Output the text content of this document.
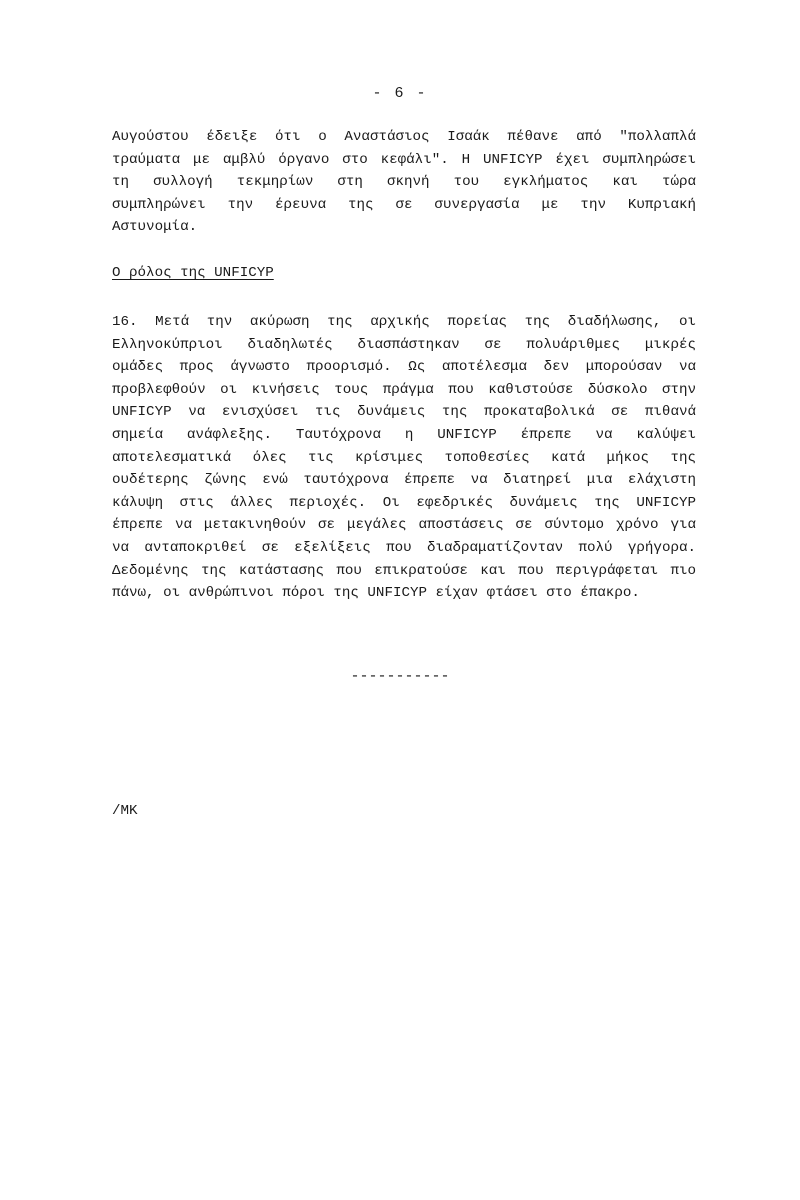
- 6 -
Αυγούστου έδειξε ότι ο Αναστάσιος Ισαάκ πέθανε από "πολλαπλά
τραύματα με αμβλύ όργανο στο κεφάλι". Η UNFICYP έχει συμπληρώσει
τη συλλογή τεκμηρίων στη σκηνή του εγκλήματος και τώρα
συμπληρώνει την έρευνα της σε συνεργασία με την Κυπριακή
Αστυνομία.
Ο ρόλος της UNFICYP
16. Μετά την ακύρωση της αρχικής πορείας της διαδήλωσης, οι
Ελληνοκύπριοι διαδηλωτές διασπάστηκαν σε πολυάριθμες μικρές
ομάδες προς άγνωστο προορισμό. Ως αποτέλεσμα δεν μπορούσαν να
προβλεφθούν οι κινήσεις τους πράγμα που καθιστούσε δύσκολο στην
UNFICYP να ενισχύσει τις δυνάμεις της προκαταβολικά σε πιθανά
σημεία ανάφλεξης. Ταυτόχρονα η UNFICYP έπρεπε να καλύψει
αποτελεσματικά όλες τις κρίσιμες τοποθεσίες κατά μήκος της
ουδέτερης ζώνης ενώ ταυτόχρονα έπρεπε να διατηρεί μια ελάχιστη
κάλυψη στις άλλες περιοχές. Οι εφεδρικές δυνάμεις της UNFICYP
έπρεπε να μετακινηθούν σε μεγάλες αποστάσεις σε σύντομο χρόνο για
να ανταποκριθεί σε εξελίξεις που διαδραματίζονταν πολύ γρήγορα.
Δεδομένης της κατάστασης που επικρατούσε και που περιγράφεται πιο
πάνω, οι ανθρώπινοι πόροι της UNFICYP είχαν φτάσει στο έπακρο.
-----------
/MK
